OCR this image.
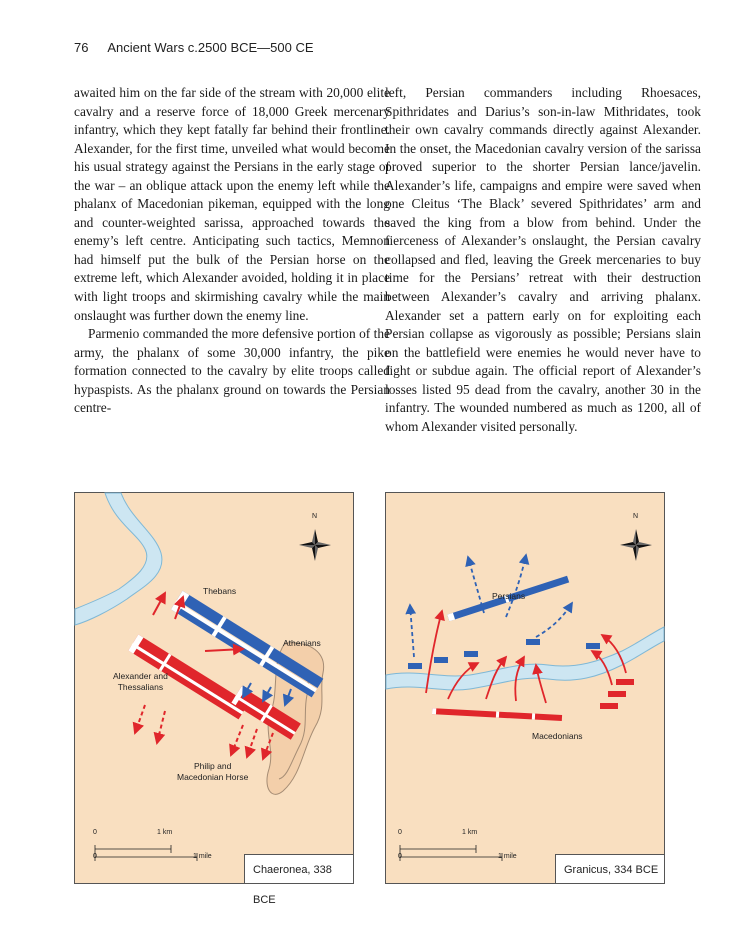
76 Ancient Wars c.2500 BCE—500 CE

awaited him on the far side of the stream with 20,000 elite cavalry and a reserve force of 18,000 Greek mercenary infantry, which they kept fatally far behind their frontline. Alexander, for the first time, unveiled what would become his usual strategy against the Persians in the early stage of the war – an oblique attack upon the enemy left while the phalanx of Macedonian pikeman, equipped with the long and counter-weighted sarissa, approached towards the enemy’s left centre. Anticipating such tactics, Memnon had himself put the bulk of the Persian horse on the extreme left, which Alexander avoided, holding it in place with light troops and skirmishing cavalry while the main onslaught was further down the enemy line.

Parmenio commanded the more defensive portion of the army, the phalanx of some 30,000 infantry, the pike formation connected to the cavalry by elite troops called hypaspists. As the phalanx ground on towards the Persian centre-

left, Persian commanders including Rhoesaces, Spithridates and Darius’s son-in-law Mithridates, took their own cavalry commands directly against Alexander. In the onset, the Macedonian cavalry version of the sarissa proved superior to the shorter Persian lance/javelin. Alexander’s life, campaigns and empire were saved when one Cleitus ‘The Black’ severed Spithridates’ arm and saved the king from a blow from behind. Under the fierceness of Alexander’s onslaught, the Persian cavalry collapsed and fled, leaving the Greek mercenaries to buy time for the Persians’ retreat with their destruction between Alexander’s cavalry and arriving phalanx. Alexander set a pattern early on for exploiting each Persian collapse as vigorously as possible; Persians slain on the battlefield were enemies he would never have to fight or subdue again. The official report of Alexander’s losses listed 95 dead from the cavalry, another 30 in the infantry. The wounded numbered as much as 1200, all of whom Alexander visited personally.

N
Thebans
Athenians
Alexander and
Thessalians
Philip and
Macedonian Horse
0	1 km
0	1 mile
Chaeronea, 338 BCE
N
Persians
Macedonians
0	1 km
0	1 mile
Granicus, 334 BCE
